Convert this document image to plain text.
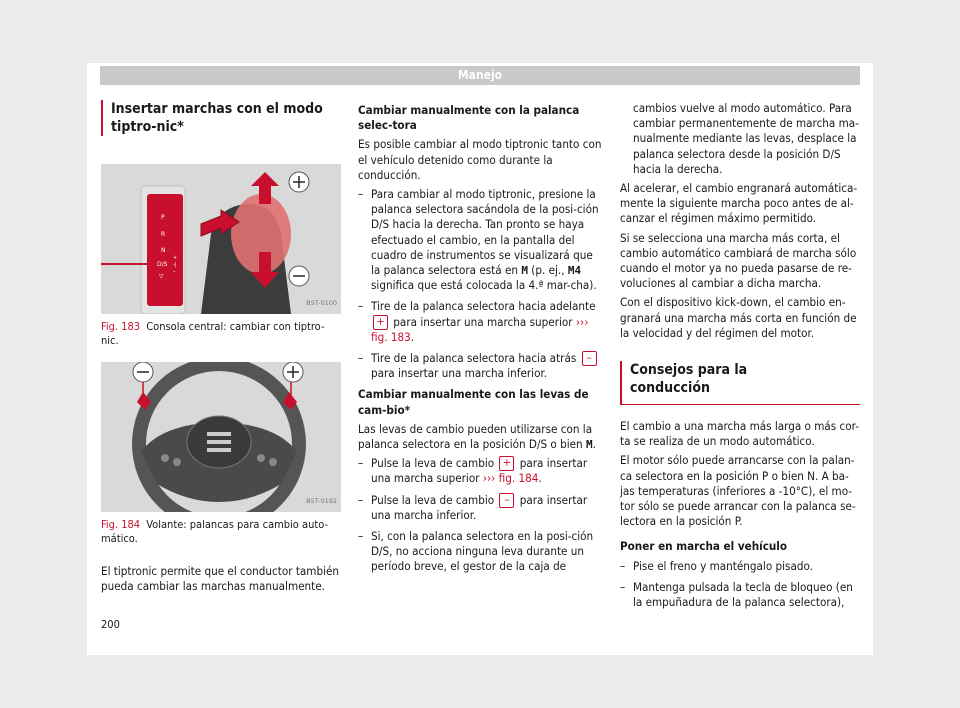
Manejo
Insertar marchas con el modo tiptro-nic*
P
R
N
D/S
▽
+
-|
–
B5T-0100
Fig. 183 Consola central: cambiar con tiptro-nic.
B5T-0192
Fig. 184 Volante: palancas para cambio auto-mático.

El tiptronic permite que el conductor también pueda cambiar las marchas manualmente.

Cambiar manualmente con la palanca selec-tora

Es posible cambiar al modo tiptronic tanto con el vehículo detenido como durante la conducción.

– Para cambiar al modo tiptronic, presione la palanca selectora sacándola de la posi-ción D/S hacia la derecha. Tan pronto se haya efectuado el cambio, en la pantalla del cuadro de instrumentos se visualizará que la palanca selectora está en M (p. ej., M4 significa que está colocada la 4.ª mar-cha).
– Tire de la palanca selectora hacia adelante + para insertar una marcha superior ››› fig. 183.
– Tire de la palanca selectora hacia atrás – para insertar una marcha inferior.

Cambiar manualmente con las levas de cam-bio*

Las levas de cambio pueden utilizarse con la palanca selectora en la posición D/S o bien M.

– Pulse la leva de cambio + para insertar una marcha superior ››› fig. 184.
– Pulse la leva de cambio – para insertar una marcha inferior.
– Si, con la palanca selectora en la posi-ción D/S, no acciona ninguna leva durante un período breve, el gestor de la caja de

cambios vuelve al modo automático. Para cambiar permanentemente de marcha ma-nualmente mediante las levas, desplace la palanca selectora desde la posición D/S hacia la derecha.

Al acelerar, el cambio engranará automática-mente la siguiente marcha poco antes de al-canzar el régimen máximo permitido.

Si se selecciona una marcha más corta, el cambio automático cambiará de marcha sólo cuando el motor ya no pueda pasarse de re-voluciones al cambiar a dicha marcha.

Con el dispositivo kick-down, el cambio en-granará una marcha más corta en función de la velocidad y del régimen del motor.

Consejos para la conducción

El cambio a una marcha más larga o más cor-ta se realiza de un modo automático.

El motor sólo puede arrancarse con la palan-ca selectora en la posición P o bien N. A ba-jas temperaturas (inferiores a -10°C), el mo-tor sólo se puede arrancar con la palanca se-lectora en la posición P.

Poner en marcha el vehículo

– Pise el freno y manténgalo pisado.
– Mantenga pulsada la tecla de bloqueo (en la empuñadura de la palanca selectora),
200
